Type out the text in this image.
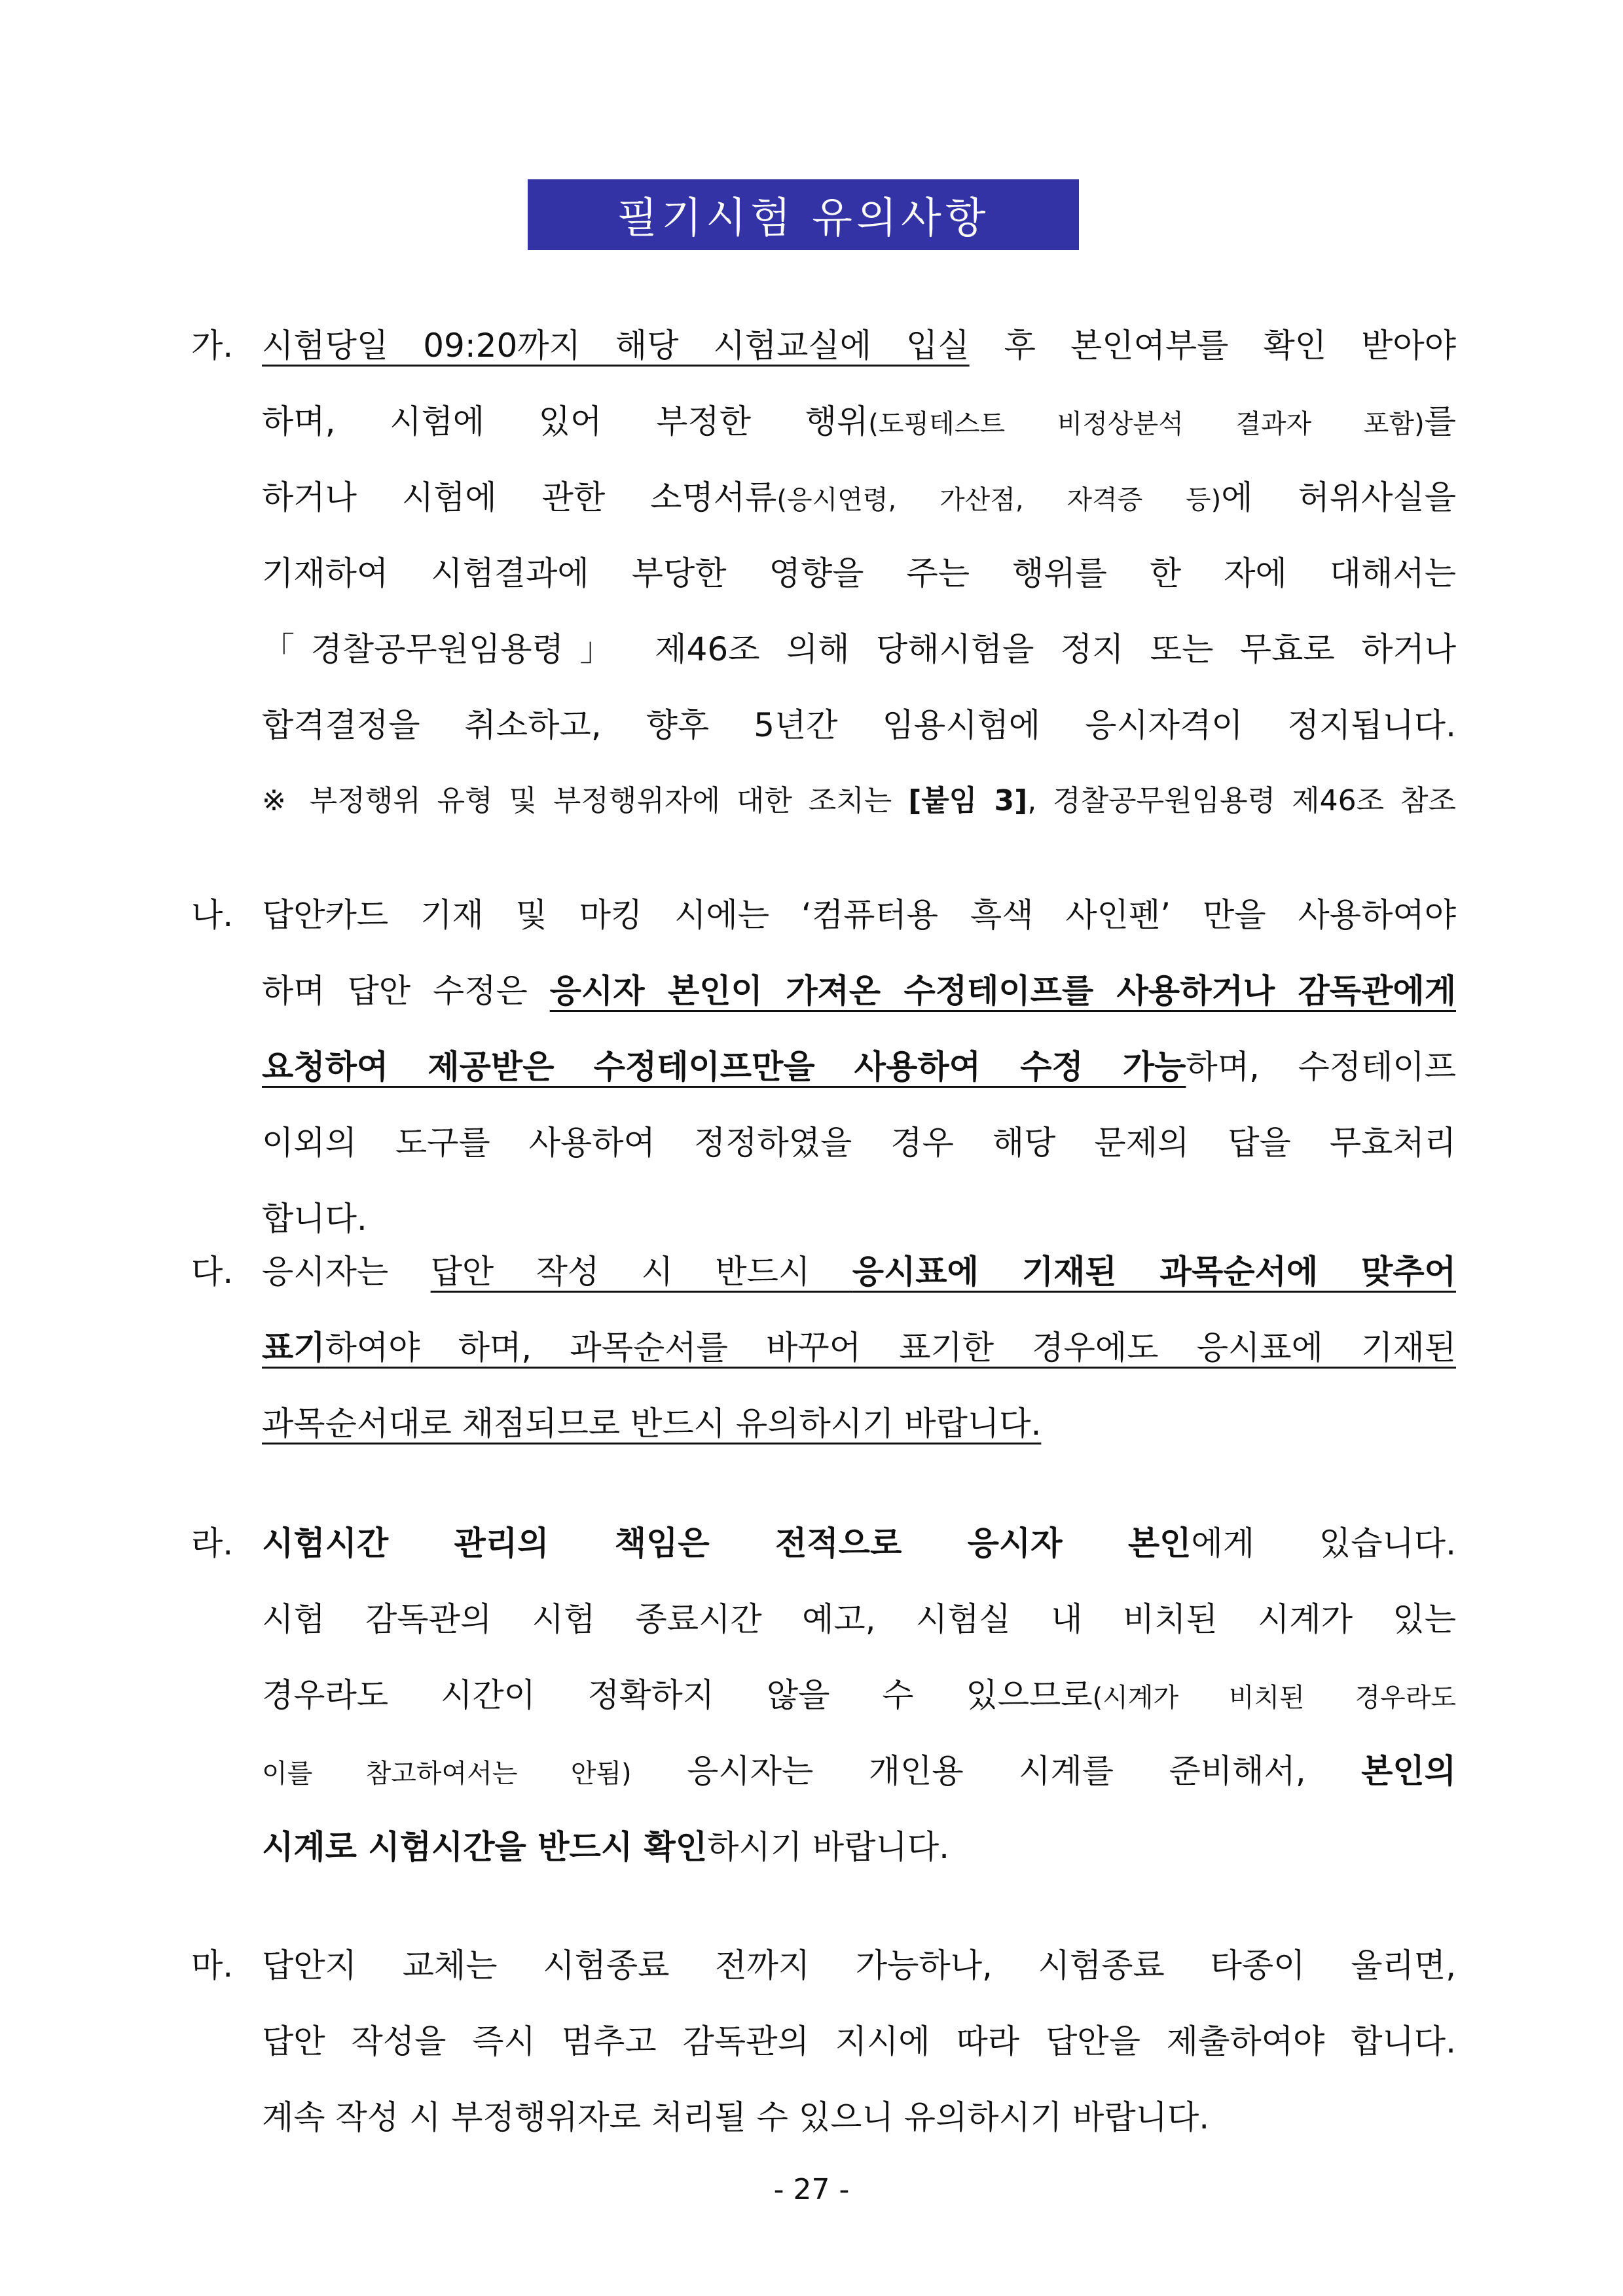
필기시험 유의사항
가. 시험당일 09:20까지 해당 시험교실에 입실 후 본인여부를 확인 받아야
하며, 시험에 있어 부정한 행위(도핑테스트 비정상분석 결과자 포함)를
하거나 시험에 관한 소명서류(응시연령, 가산점, 자격증 등)에 허위사실을
기재하여 시험결과에 부당한 영향을 주는 행위를 한 자에 대해서는
「경찰공무원임용령」 제46조 의해 당해시험을 정지 또는 무효로 하거나
합격결정을 취소하고, 향후 5년간 임용시험에 응시자격이 정지됩니다.
※ 부정행위 유형 및 부정행위자에 대한 조치는 [붙임 3], 경찰공무원임용령 제46조 참조
나. 답안카드 기재 및 마킹 시에는 ‘컴퓨터용 흑색 사인펜’ 만을 사용하여야
하며 답안 수정은 응시자 본인이 가져온 수정테이프를 사용하거나 감독관에게
요청하여 제공받은 수정테이프만을 사용하여 수정 가능하며, 수정테이프
이외의 도구를 사용하여 정정하였을 경우 해당 문제의 답을 무효처리
합니다.
다. 응시자는 답안 작성 시 반드시 응시표에 기재된 과목순서에 맞추어
표기하여야 하며, 과목순서를 바꾸어 표기한 경우에도 응시표에 기재된
과목순서대로 채점되므로 반드시 유의하시기 바랍니다.
라. 시험시간 관리의 책임은 전적으로 응시자 본인에게 있습니다.
시험 감독관의 시험 종료시간 예고, 시험실 내 비치된 시계가 있는
경우라도 시간이 정확하지 않을 수 있으므로(시계가 비치된 경우라도
이를 참고하여서는 안됨) 응시자는 개인용 시계를 준비해서, 본인의
시계로 시험시간을 반드시 확인하시기 바랍니다.
마. 답안지 교체는 시험종료 전까지 가능하나, 시험종료 타종이 울리면,
답안 작성을 즉시 멈추고 감독관의 지시에 따라 답안을 제출하여야 합니다.
계속 작성 시 부정행위자로 처리될 수 있으니 유의하시기 바랍니다.
- 27 -
